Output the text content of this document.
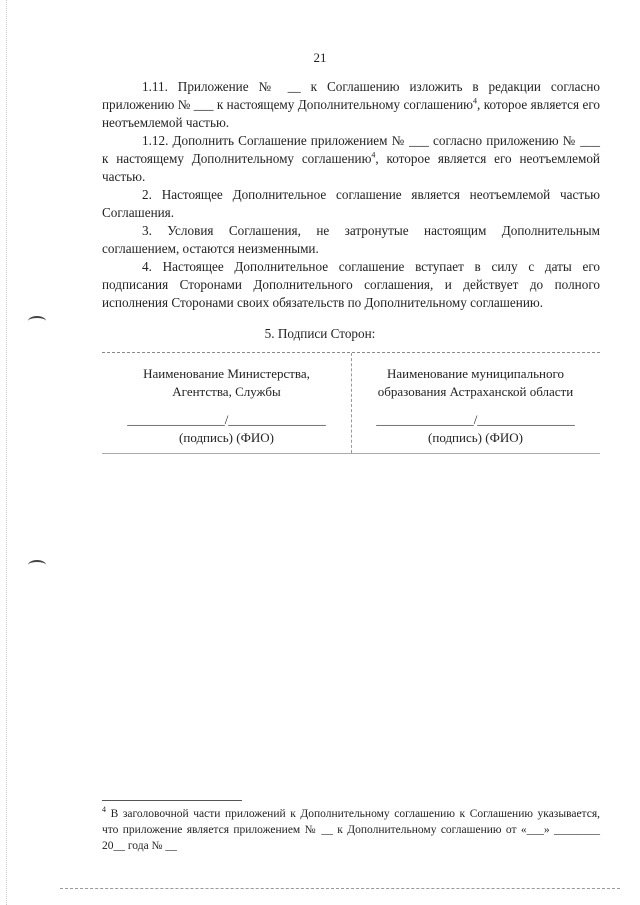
21

1.11. Приложение № __ к Соглашению изложить в редакции согласно приложению № ___ к настоящему Дополнительному соглашению$^4$, которое является его неотъемлемой частью.

1.12. Дополнить Соглашение приложением № ___ согласно приложению № ___ к настоящему Дополнительному соглашению$^4$, которое является его неотъемлемой частью.

2. Настоящее Дополнительное соглашение является неотъемлемой частью Соглашения.

3. Условия Соглашения, не затронутые настоящим Дополнительным соглашением, остаются неизменными.

4. Настоящее Дополнительное соглашение вступает в силу с даты его подписания Сторонами Дополнительного соглашения, и действует до полного исполнения Сторонами своих обязательств по Дополнительному соглашению.

5. Подписи Сторон:
Наименование Министерства, Агентства, Службы
_______________/_______________
(подпись) (ФИО)
Наименование муниципального образования Астраханской области
_______________/_______________
(подпись) (ФИО)
$^4$ В заголовочной части приложений к Дополнительному соглашению к Соглашению указывается, что приложение является приложением № __ к Дополнительному соглашению от «___» ________ 20__ года № __
